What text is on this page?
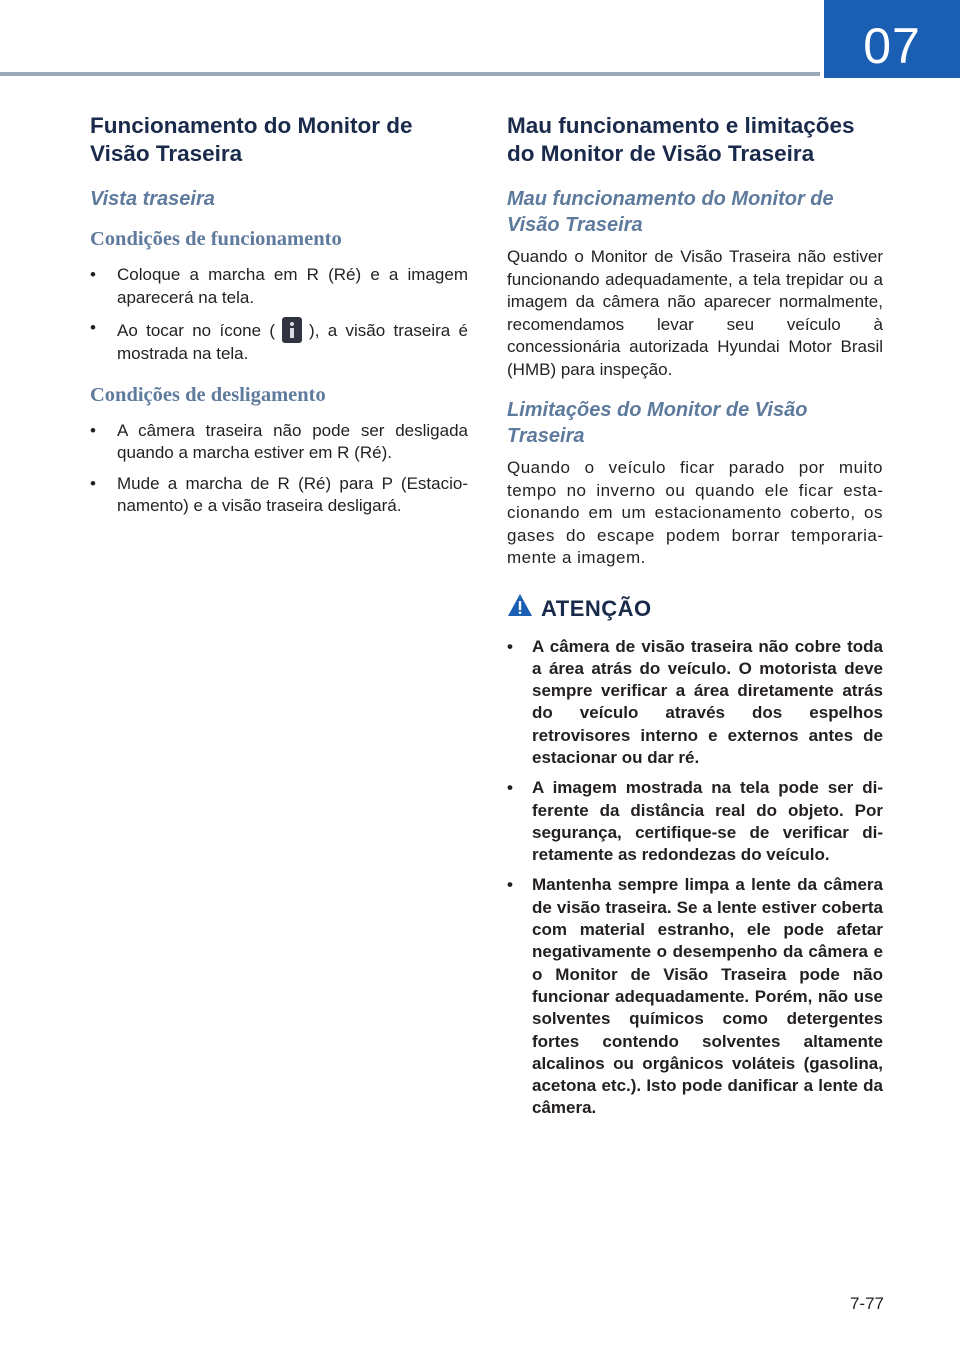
07
Funcionamento do Monitor de Visão Traseira
Vista traseira
Condições de funcionamento
• Coloque a marcha em R (Ré) e a imagem aparecerá na tela.
• Ao tocar no ícone ( ), a visão traseira é mostrada na tela.
Condições de desligamento
• A câmera traseira não pode ser desligada quando a marcha estiver em R (Ré).
• Mude a marcha de R (Ré) para P (Estacionamento) e a visão traseira desligará.
Mau funcionamento e limitações do Monitor de Visão Traseira
Mau funcionamento do Monitor de Visão Traseira

Quando o Monitor de Visão Traseira não estiver funcionando adequadamente, a tela trepidar ou a imagem da câmera não aparecer normalmente, recomendamos levar seu veículo à concessionária autorizada Hyundai Motor Brasil (HMB) para inspeção.

Limitações do Monitor de Visão Traseira

Quando o veículo ficar parado por muito tempo no inverno ou quando ele ficar estacionando em um estacionamento coberto, os gases do escape podem borrar temporariamente a imagem.

ATENÇÃO
• A câmera de visão traseira não cobre toda a área atrás do veículo. O motorista deve sempre verificar a área diretamente atrás do veículo através dos espelhos retrovisores interno e externos antes de estacionar ou dar ré.
• A imagem mostrada na tela pode ser diferente da distância real do objeto. Por segurança, certifique-se de verificar diretamente as redondezas do veículo.
• Mantenha sempre limpa a lente da câmera de visão traseira. Se a lente estiver coberta com material estranho, ele pode afetar negativamente o desempenho da câmera e o Monitor de Visão Traseira pode não funcionar adequadamente. Porém, não use solventes químicos como detergentes fortes contendo solventes altamente alcalinos ou orgânicos voláteis (gasolina, acetona etc.). Isto pode danificar a lente da câmera.
7-77
